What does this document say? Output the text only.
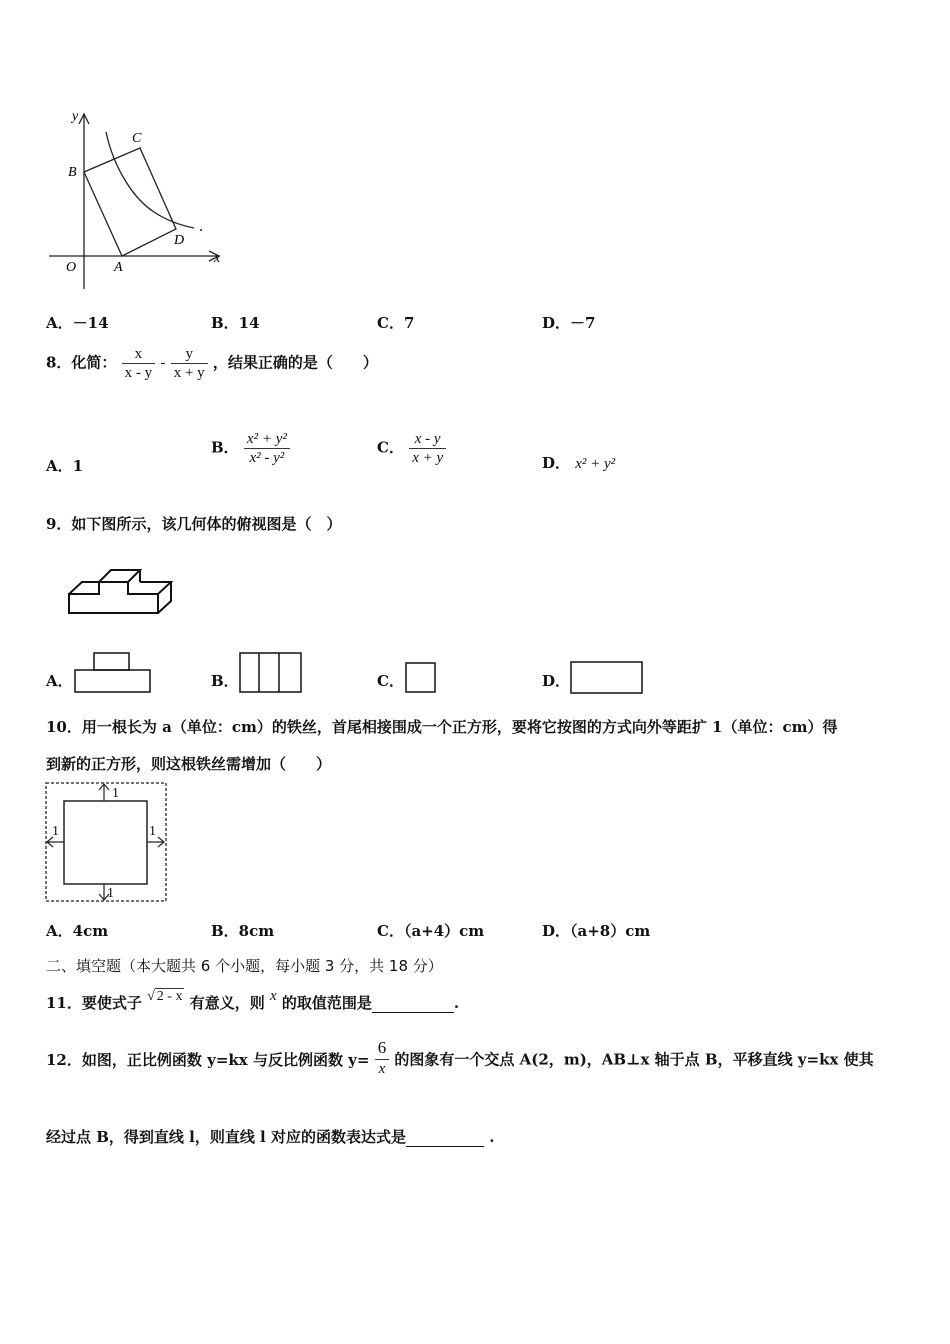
y
x
B
C
D
O	A
A．－14	B．14	C．7	D．－7
8．化简： $\frac{x}{x - y} - \frac{y}{x + y}$ ，结果正确的是（　　）
A．1
B． $\frac{\text{x² + y²}}{\text{x² - y²}}$	C． $\frac{x - y}{x + y}$	D． x² + y²
9．如下图所示，该几何体的俯视图是（　）
A．	B．	C．	D．
10．用一根长为 a（单位：cm）的铁丝，首尾相接围成一个正方形，要将它按图的方式向外等距扩 1（单位：cm）得
到新的正方形，则这根铁丝需增加（　　）
1
1	1
1
A．4cm	B．8cm	C．（a+4）cm	D．（a+8）cm
二、填空题（本大题共 6 个小题，每小题 3 分，共 18 分）
11．要使式子 √ 2 - x 有意义，则 x 的取值范围是	.
12．如图，正比例函数 y=kx 与反比例函数 $y= \frac{6}{x}$ 的图象有一个交点 A(2，m)，AB⊥x 轴于点 B，平移直线 y=kx 使其
经过点 B，得到直线 l，则直线 l 对应的函数表达式是	.
